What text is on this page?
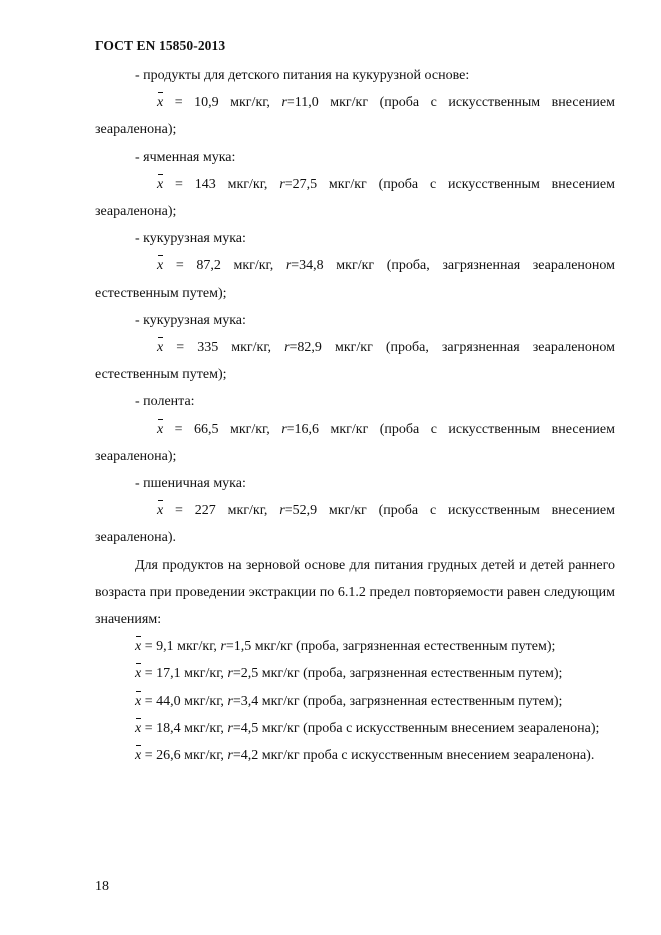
ГОСТ EN 15850-2013

- продукты для детского питания на кукурузной основе:

x = 10,9 мкг/кг, r=11,0 мкг/кг (проба с искусственным внесением зеараленона);

- ячменная мука:

x = 143 мкг/кг, r=27,5 мкг/кг (проба с искусственным внесением зеараленона);

- кукурузная мука:

x = 87,2 мкг/кг, r=34,8 мкг/кг (проба, загрязненная зеараленоном естественным путем);

- кукурузная мука:

x = 335 мкг/кг, r=82,9 мкг/кг (проба, загрязненная зеараленоном естественным путем);

- полента:

x = 66,5 мкг/кг, r=16,6 мкг/кг (проба с искусственным внесением зеараленона);

- пшеничная мука:

x = 227 мкг/кг, r=52,9 мкг/кг (проба с искусственным внесением зеараленона).

Для продуктов на зерновой основе для питания грудных детей и детей раннего возраста при проведении экстракции по 6.1.2 предел повторяемости равен следующим значениям:

x = 9,1 мкг/кг, r=1,5 мкг/кг (проба, загрязненная естественным путем);

x = 17,1 мкг/кг, r=2,5 мкг/кг (проба, загрязненная естественным путем);

x = 44,0 мкг/кг, r=3,4 мкг/кг (проба, загрязненная естественным путем);

x = 18,4 мкг/кг, r=4,5 мкг/кг (проба с искусственным внесением зеараленона);

x = 26,6 мкг/кг, r=4,2 мкг/кг проба с искусственным внесением зеараленона).

18
